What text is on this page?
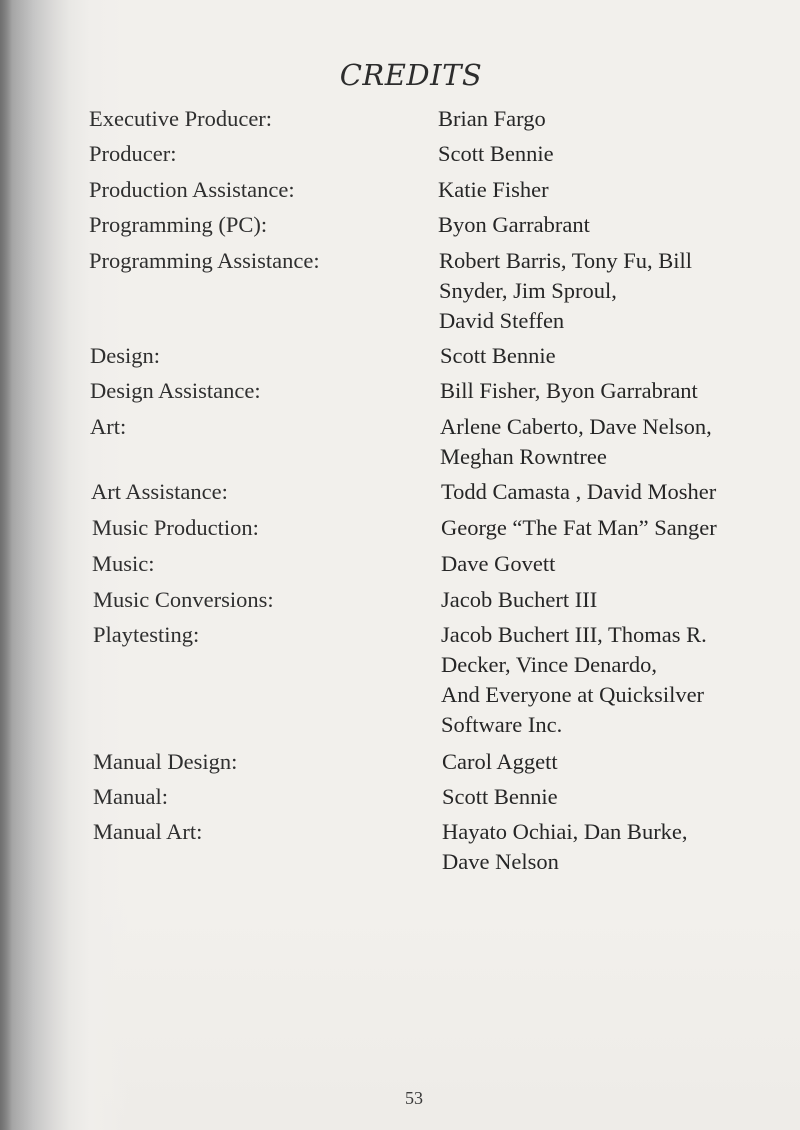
CREDITS
Executive Producer:	Brian Fargo
Producer:	Scott Bennie
Production Assistance:	Katie Fisher
Programming (PC):	Byon Garrabrant
Programming Assistance:	Robert Barris, Tony Fu, Bill
Snyder, Jim Sproul,
David Steffen
Design:	Scott Bennie
Design Assistance:	Bill Fisher, Byon Garrabrant
Art:	Arlene Caberto, Dave Nelson,
Meghan Rowntree
Art Assistance:	Todd Camasta , David Mosher
Music Production:	George “The Fat Man” Sanger
Music:	Dave Govett
Music Conversions:	Jacob Buchert III
Playtesting:	Jacob Buchert III, Thomas R.
Decker, Vince Denardo,
And Everyone at Quicksilver
Software Inc.
Manual Design:	Carol Aggett
Manual:	Scott Bennie
Manual Art:	Hayato Ochiai, Dan Burke,
Dave Nelson
53
